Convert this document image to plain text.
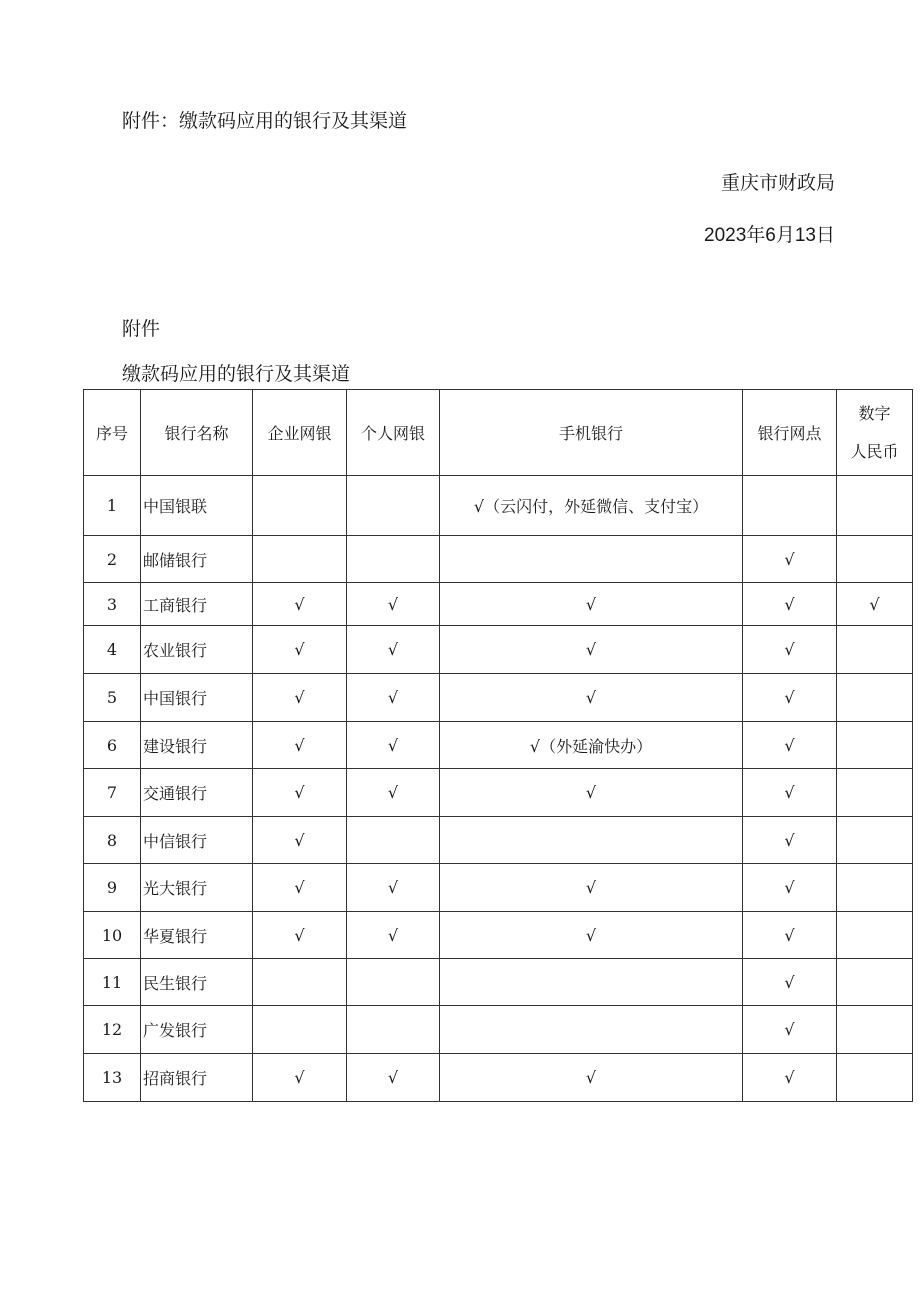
附件：缴款码应用的银行及其渠道
重庆市财政局
2023年6月13日
附件
缴款码应用的银行及其渠道
序号	银行名称	企业网银	个人网银	手机银行	银行网点	数字
人民币

1	中国银联			√（云闪付，外延微信、支付宝）		
2	邮储银行				√	
3	工商银行	√	√	√	√	√
4	农业银行	√	√	√	√	
5	中国银行	√	√	√	√	
6	建设银行	√	√	√（外延渝快办）	√	
7	交通银行	√	√	√	√	
8	中信银行	√			√	
9	光大银行	√	√	√	√	
10	华夏银行	√	√	√	√	
11	民生银行				√	
12	广发银行				√	
13	招商银行	√	√	√	√	
